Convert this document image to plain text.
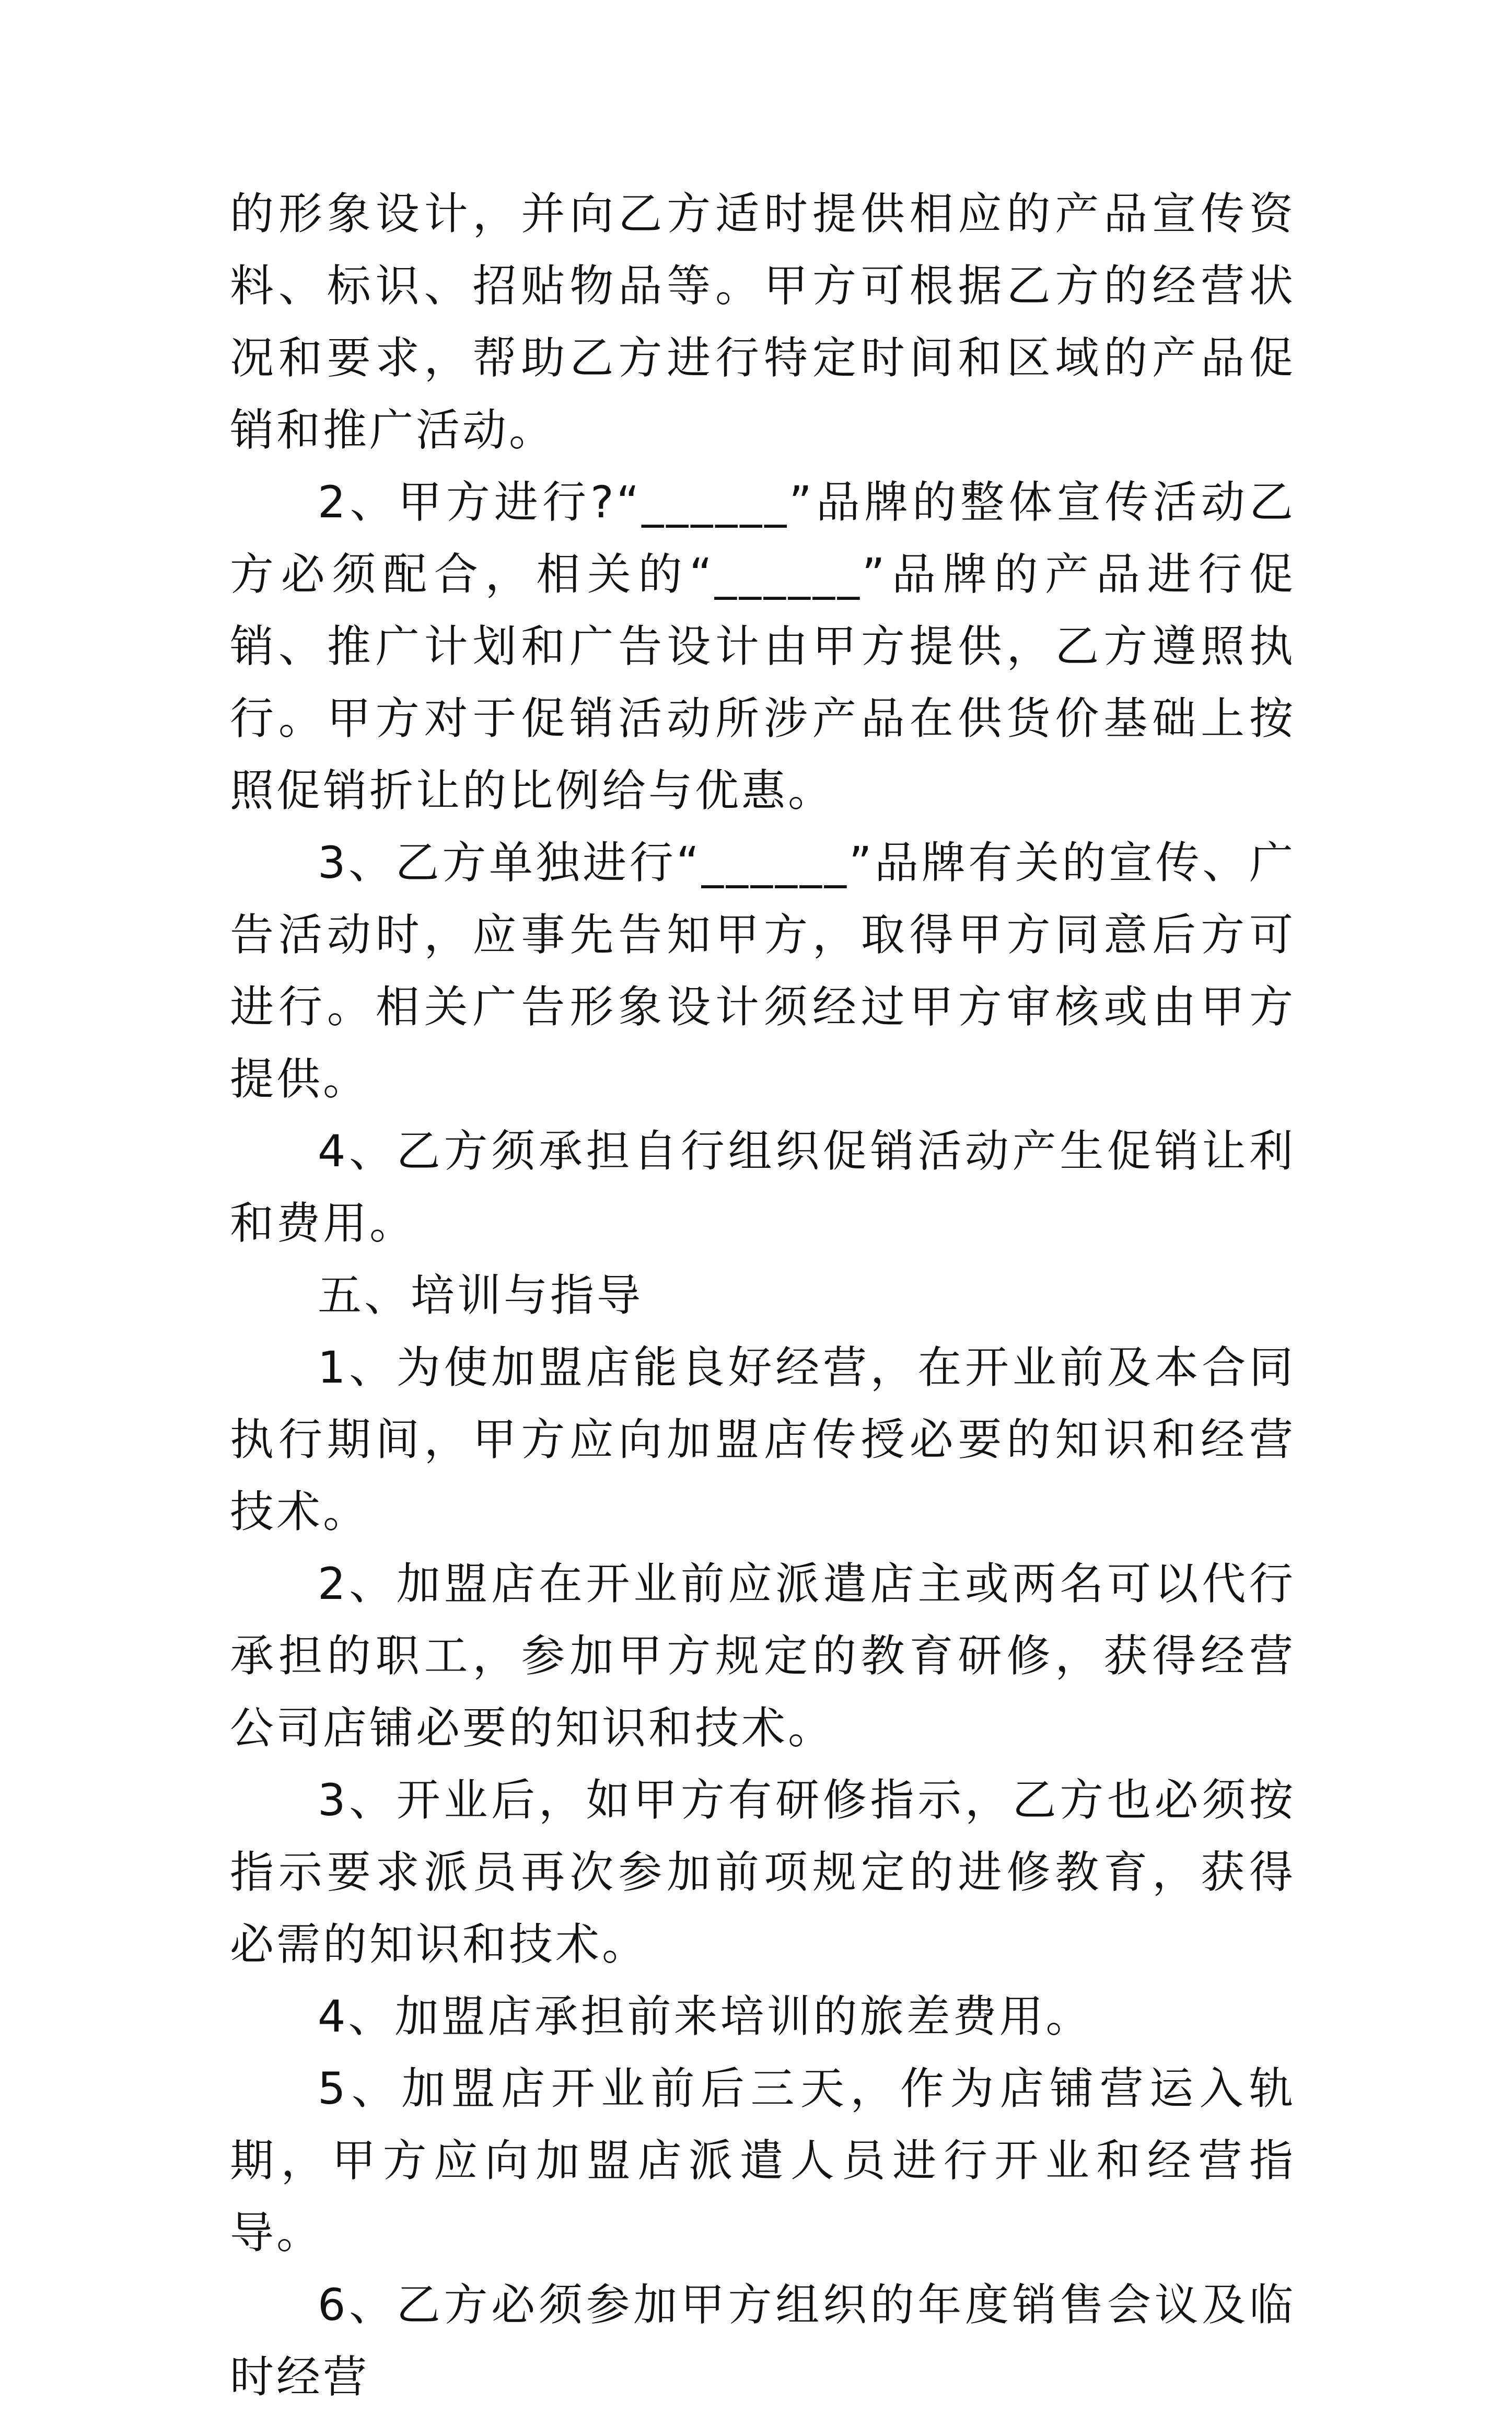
的形象设计，并向乙方适时提供相应的产品宣传资料、标识、招贴物品等。甲方可根据乙方的经营状况和要求，帮助乙方进行特定时间和区域的产品促销和推广活动。

2、甲方进行?“______”品牌的整体宣传活动乙方必须配合，相关的“______”品牌的产品进行促销、推广计划和广告设计由甲方提供，乙方遵照执行。甲方对于促销活动所涉产品在供货价基础上按照促销折让的比例给与优惠。

3、乙方单独进行“______”品牌有关的宣传、广告活动时，应事先告知甲方，取得甲方同意后方可进行。相关广告形象设计须经过甲方审核或由甲方提供。

4、乙方须承担自行组织促销活动产生促销让利和费用。

五、培训与指导

1、为使加盟店能良好经营，在开业前及本合同执行期间，甲方应向加盟店传授必要的知识和经营技术。

2、加盟店在开业前应派遣店主或两名可以代行承担的职工，参加甲方规定的教育研修，获得经营公司店铺必要的知识和技术。

3、开业后，如甲方有研修指示，乙方也必须按指示要求派员再次参加前项规定的进修教育，获得必需的知识和技术。

4、加盟店承担前来培训的旅差费用。

5、加盟店开业前后三天，作为店铺营运入轨期，甲方应向加盟店派遣人员进行开业和经营指导。

6、乙方必须参加甲方组织的年度销售会议及临时经营
